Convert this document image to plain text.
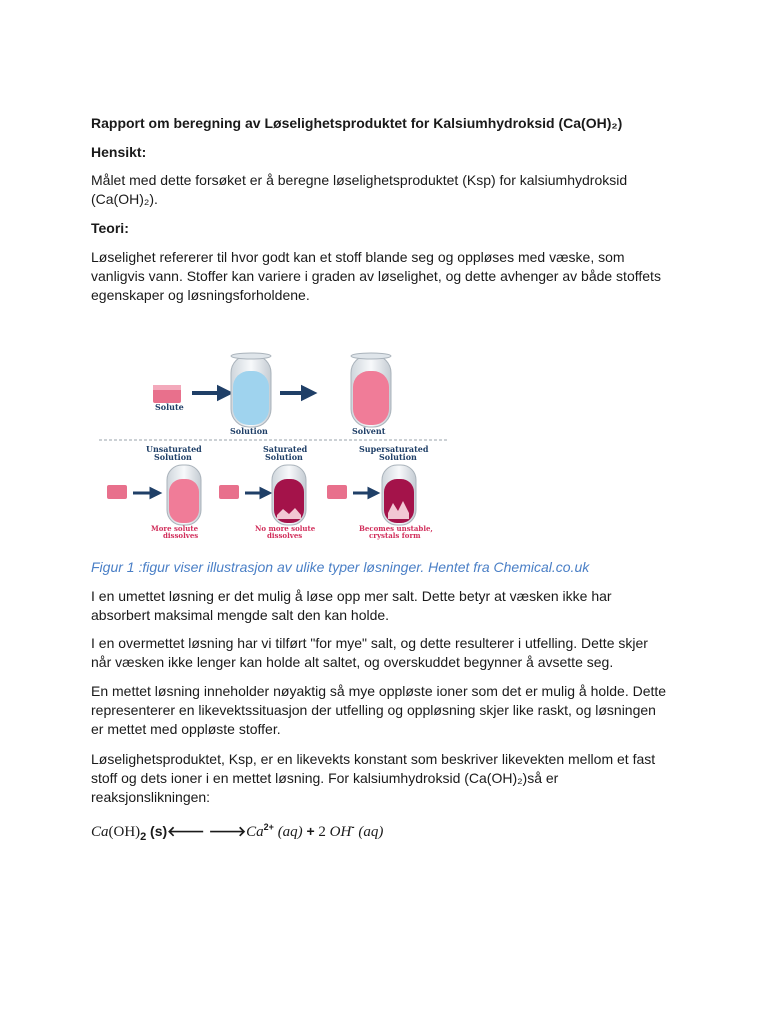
Rapport om beregning av Løselighetsproduktet for Kalsiumhydroksid (Ca(OH)₂)

Hensikt:

Målet med dette forsøket er å beregne løselighetsproduktet (Ksp) for kalsiumhydroksid

(Ca(OH)₂).

Teori:

Løselighet refererer til hvor godt kan et stoff blande seg og oppløses med væske, som

vanligvis vann. Stoffer kan variere i graden av løselighet, og dette avhenger av både stoffets

egenskaper og løsningsforholdene.

Figur 1 :figur viser illustrasjon av ulike typer løsninger. Hentet fra Chemical.co.uk

I en umettet løsning er det mulig å løse opp mer salt. Dette betyr at væsken ikke har

absorbert maksimal mengde salt den kan holde.

I en overmettet løsning har vi tilført "for mye" salt, og dette resulterer i utfelling. Dette skjer

når væsken ikke lenger kan holde alt saltet, og overskuddet begynner å avsette seg.

En mettet løsning inneholder nøyaktig så mye oppløste ioner som det er mulig å holde. Dette

representerer en likevektssituasjon der utfelling og oppløsning skjer like raskt, og løsningen

er mettet med oppløste stoffer.

Løselighetsproduktet, Ksp, er en likevekts konstant som beskriver likevekten mellom et fast

stoff og dets ioner i en mettet løsning. For kalsiumhydroksid (Ca(OH)₂)så er

reaksjonslikningen:

$Ca(OH)_2$ (s)🡐 $🡒Ca^{2+}$ (aq) + 2 OH- (aq)

Solute
Solution	Solvent
Unsaturated
Solution
Saturated
Solution
Supersaturated
Solution
More solute
dissolves
No more solute
dissolves
Becomes unstable,
crystals form
